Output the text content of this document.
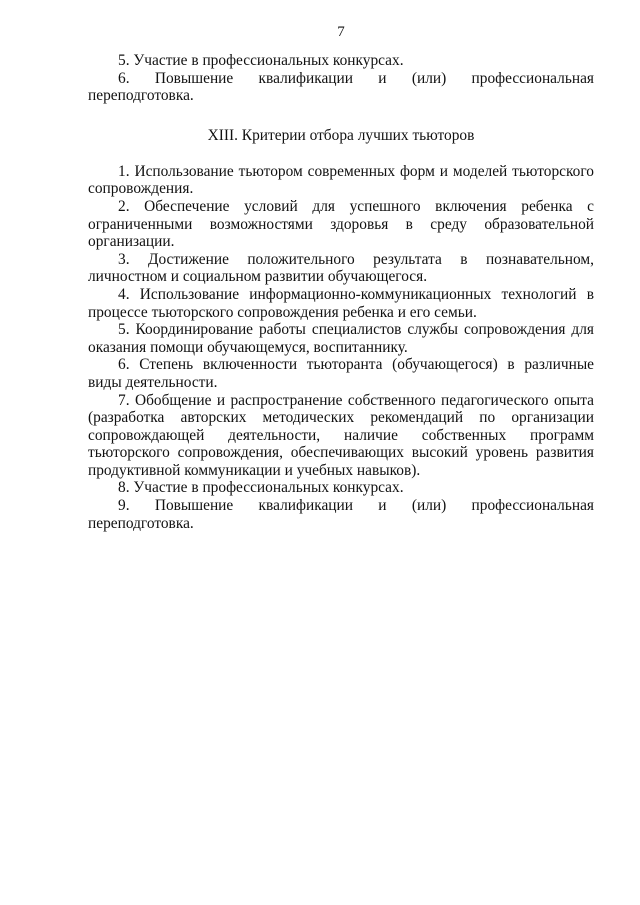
7

5. Участие в профессиональных конкурсах.

6. Повышение квалификации и (или) профессиональная переподготовка.

XIII. Критерии отбора лучших тьюторов

1. Использование тьютором современных форм и моделей тьюторского сопровождения.

2. Обеспечение условий для успешного включения ребенка с ограниченными возможностями здоровья в среду образовательной организации.

3. Достижение положительного результата в познавательном, личностном и социальном развитии обучающегося.

4. Использование информационно-коммуникационных технологий в процессе тьюторского сопровождения ребенка и его семьи.

5. Координирование работы специалистов службы сопровождения для оказания помощи обучающемуся, воспитаннику.

6. Степень включенности тьюторанта (обучающегося) в различные виды деятельности.

7. Обобщение и распространение собственного педагогического опыта (разработка авторских методических рекомендаций по организации сопровождающей деятельности, наличие собственных программ тьюторского сопровождения, обеспечивающих высокий уровень развития продуктивной коммуникации и учебных навыков).

8. Участие в профессиональных конкурсах.

9. Повышение квалификации и (или) профессиональная переподготовка.
